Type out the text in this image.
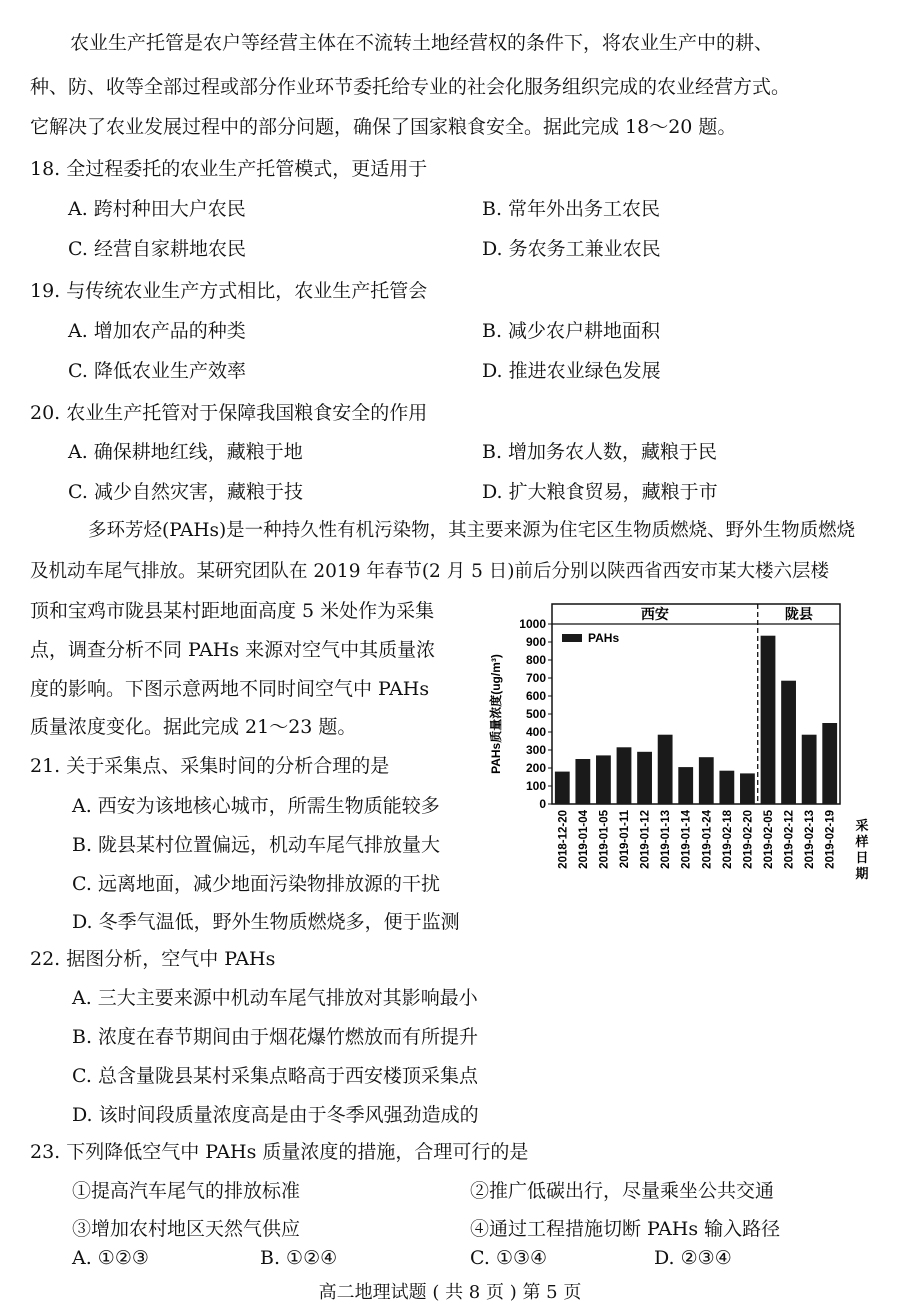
农业生产托管是农户等经营主体在不流转土地经营权的条件下，将农业生产中的耕、
种、防、收等全部过程或部分作业环节委托给专业的社会化服务组织完成的农业经营方式。
它解决了农业发展过程中的部分问题，确保了国家粮食安全。据此完成 18～20 题。
18. 全过程委托的农业生产托管模式，更适用于
A. 跨村种田大户农民	B. 常年外出务工农民
C. 经营自家耕地农民	D. 务农务工兼业农民
19. 与传统农业生产方式相比，农业生产托管会
A. 增加农产品的种类	B. 减少农户耕地面积
C. 降低农业生产效率	D. 推进农业绿色发展
20. 农业生产托管对于保障我国粮食安全的作用
A. 确保耕地红线，藏粮于地	B. 增加务农人数，藏粮于民
C. 减少自然灾害，藏粮于技	D. 扩大粮食贸易，藏粮于市
多环芳烃(PAHs)是一种持久性有机污染物，其主要来源为住宅区生物质燃烧、野外生物质燃烧
及机动车尾气排放。某研究团队在 2019 年春节(2 月 5 日)前后分别以陕西省西安市某大楼六层楼
顶和宝鸡市陇县某村距地面高度 5 米处作为采集
点，调查分析不同 PAHs 来源对空气中其质量浓
度的影响。下图示意两地不同时间空气中 PAHs
质量浓度变化。据此完成 21～23 题。
西安	陇县
0
100
200
300
400
500
600
700
800
900
1000
PAHs质量浓度(ug/m³)
PAHs
2018-12-20 2019-01-04 2019-01-05 2019-01-11 2019-01-12 2019-01-13 2019-01-14 2019-01-24 2019-02-18 2019-02-20 2019-02-05 2019-02-12 2019-02-13 2019-02-19 采
样
日
期
21. 关于采集点、采集时间的分析合理的是
A. 西安为该地核心城市，所需生物质能较多
B. 陇县某村位置偏远，机动车尾气排放量大
C. 远离地面，减少地面污染物排放源的干扰
D. 冬季气温低，野外生物质燃烧多，便于监测
22. 据图分析，空气中 PAHs
A. 三大主要来源中机动车尾气排放对其影响最小
B. 浓度在春节期间由于烟花爆竹燃放而有所提升
C. 总含量陇县某村采集点略高于西安楼顶采集点
D. 该时间段质量浓度高是由于冬季风强劲造成的
23. 下列降低空气中 PAHs 质量浓度的措施，合理可行的是
①提高汽车尾气的排放标准	②推广低碳出行，尽量乘坐公共交通
③增加农村地区天然气供应	④通过工程措施切断 PAHs 输入路径
A. ①②③	B. ①②④	C. ①③④	D. ②③④
高二地理试题 ( 共 8 页 ) 第 5 页
